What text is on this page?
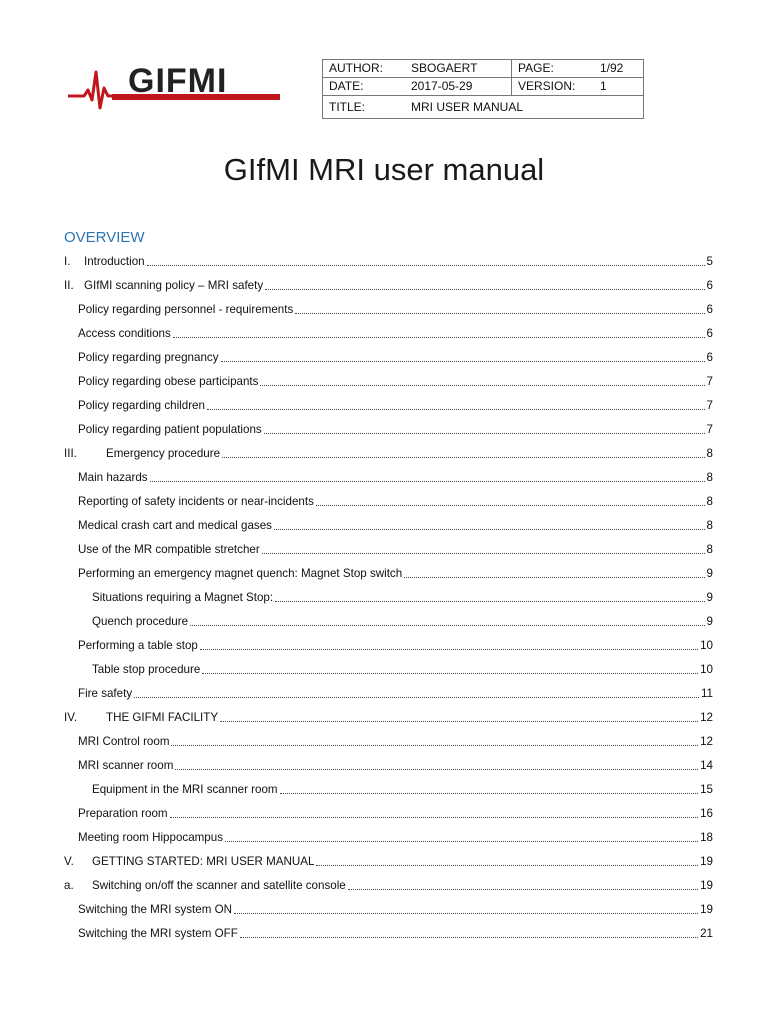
GIFMI	AUTHOR:	SBOGAERT	PAGE:	1/92
DATE:	2017-05-29	VERSION:	1
TITLE:	MRI USER MANUAL		
GIfMI MRI user manual
OVERVIEW
I.	Introduction	5
II. GIfMI scanning policy – MRI safety	6
Policy regarding personnel - requirements	6
Access conditions	6
Policy regarding pregnancy	6
Policy regarding obese participants	7
Policy regarding children	7
Policy regarding patient populations	7
III.	Emergency procedure	8
Main hazards	8
Reporting of safety incidents or near-incidents	8
Medical crash cart and medical gases	8
Use of the MR compatible stretcher	8
Performing an emergency magnet quench: Magnet Stop switch	9
Situations requiring a Magnet Stop:	9
Quench procedure	9
Performing a table stop	10
Table stop procedure	10
Fire safety	11
IV.	THE GIFMI FACILITY	12
MRI Control room	12
MRI scanner room	14
Equipment in the MRI scanner room	15
Preparation room	16
Meeting room Hippocampus	18
V.	GETTING STARTED: MRI USER MANUAL	19
a.	Switching on/off the scanner and satellite console	19
Switching the MRI system ON	19
Switching the MRI system OFF	21
